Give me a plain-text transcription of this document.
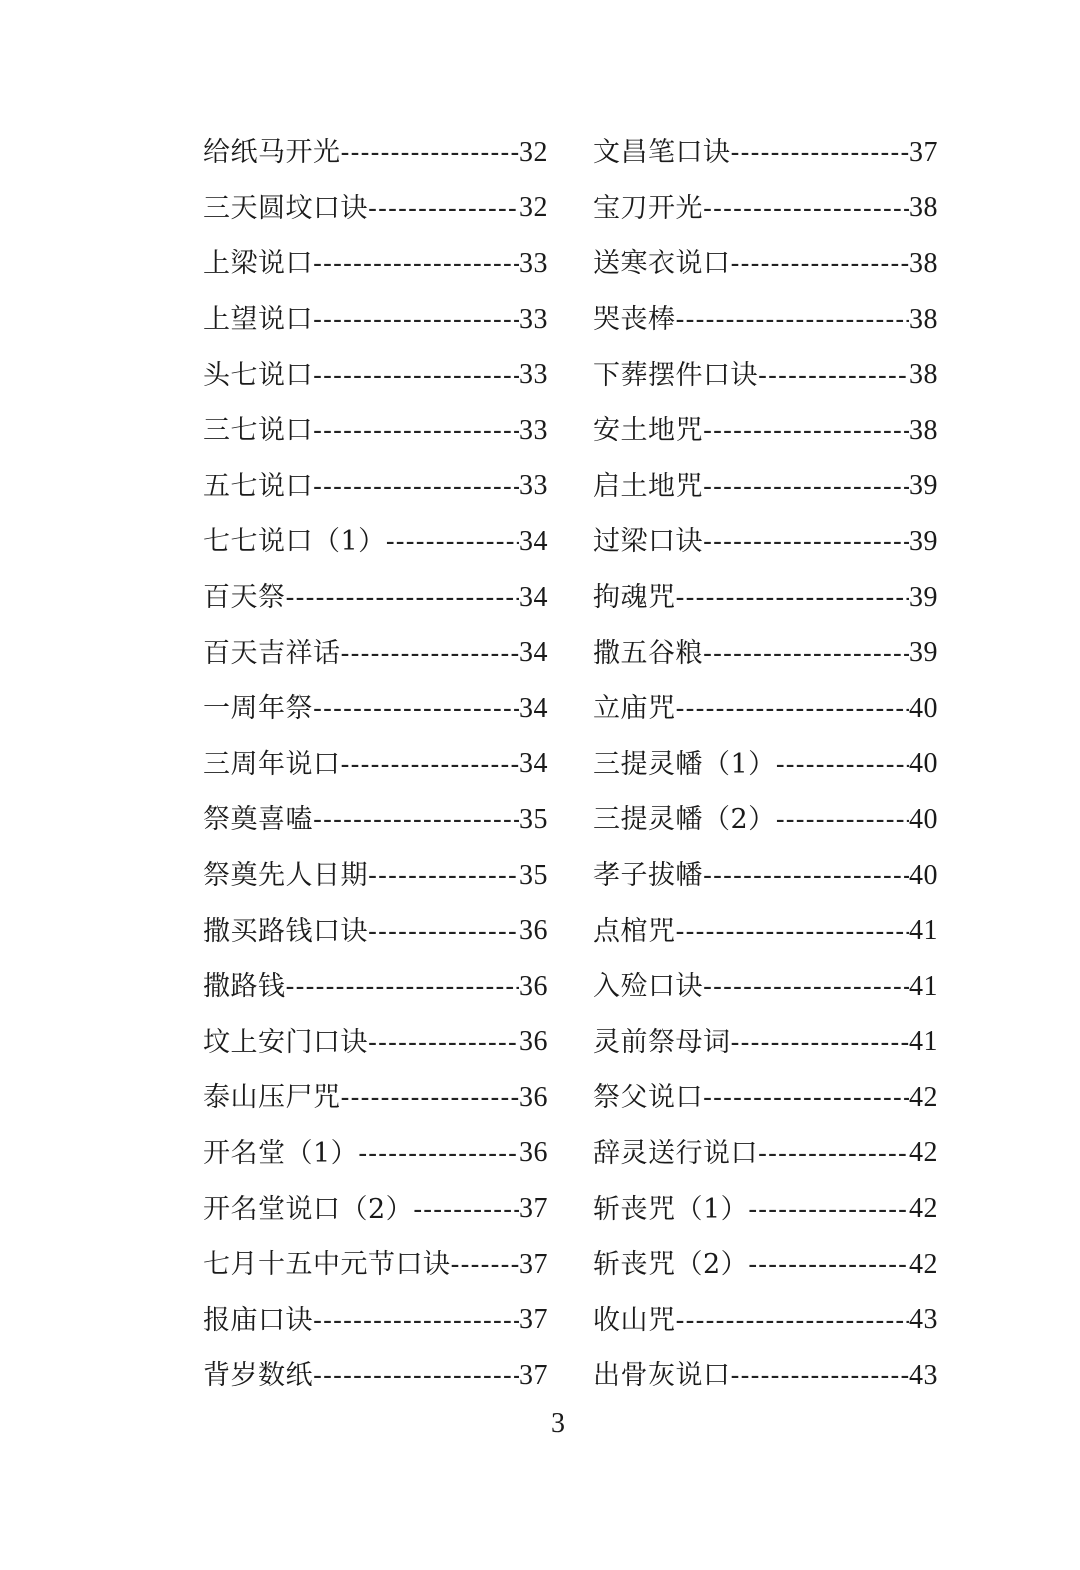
给纸马开光 -----	32
三天圆坟口诀 -----	32
上梁说口 -----	33
上望说口 -----	33
头七说口 -----	33
三七说口 -----	33
五七说口 -----	33
七七说口（1） -----	34
百天祭 -----	34
百天吉祥话 -----	34
一周年祭 -----	34
三周年说口 -----	34
祭奠喜嗑 -----	35
祭奠先人日期 -----	35
撒买路钱口诀 -----	36
撒路钱 -----	36
坟上安门口诀 -----	36
泰山压尸咒 -----	36
开名堂（1） -----	36
开名堂说口（2） -----	37
七月十五中元节口诀 ----- 37
报庙口诀 -----	37
背岁数纸 -----	37
文昌笔口诀 -----	37
宝刀开光 -----	38
送寒衣说口 -----	38
哭丧棒 -----	38
下葬摆件口诀 -----	38
安土地咒 -----	38
启土地咒 -----	39
过梁口诀 -----	39
拘魂咒 -----	39
撒五谷粮 -----	39
立庙咒 -----	40
三提灵幡（1） -----	40
三提灵幡（2） -----	40
孝子拔幡 -----	40
点棺咒 -----	41
入殓口诀 -----	41
灵前祭母词 -----	41
祭父说口 -----	42
辞灵送行说口 -----	42
斩丧咒（1） -----	42
斩丧咒（2） -----	42
收山咒 -----	43
出骨灰说口 -----	43
3
